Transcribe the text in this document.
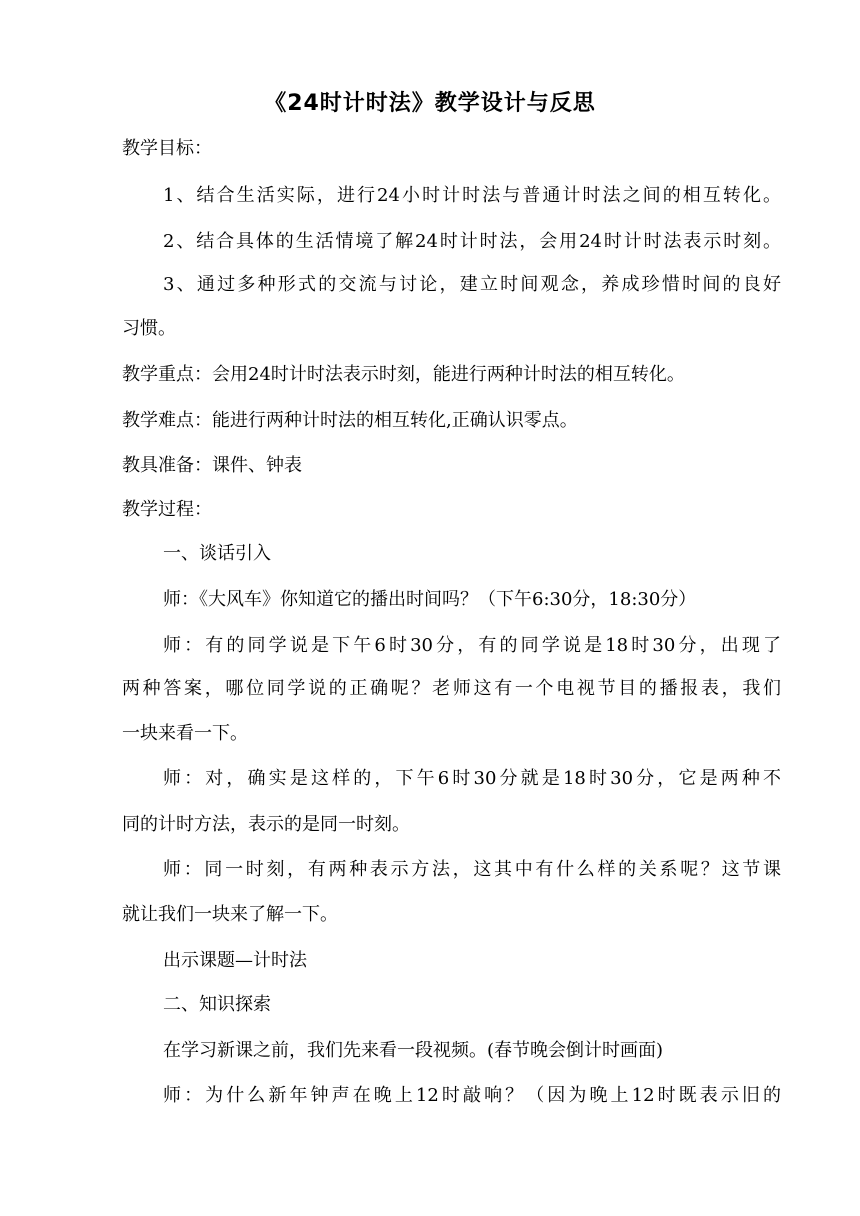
《24时计时法》教学设计与反思
教学目标：
1、结合生活实际，进行24小时计时法与普通计时法之间的相互转化。
2、结合具体的生活情境了解24时计时法，会用24时计时法表示时刻。
3、通过多种形式的交流与讨论，建立时间观念，养成珍惜时间的良好
习惯。
教学重点：会用24时计时法表示时刻，能进行两种计时法的相互转化。
教学难点：能进行两种计时法的相互转化,正确认识零点。
教具准备：课件、钟表
教学过程：
一、谈话引入
师：《大风车》你知道它的播出时间吗？（下午6:30分，18:30分）
师：有的同学说是下午6时30分，有的同学说是18时30分，出现了
两种答案，哪位同学说的正确呢？老师这有一个电视节目的播报表，我们
一块来看一下。
师：对，确实是这样的，下午6时30分就是18时30分，它是两种不
同的计时方法，表示的是同一时刻。
师：同一时刻，有两种表示方法，这其中有什么样的关系呢？这节课
就让我们一块来了解一下。
出示课题—计时法
二、知识探索
在学习新课之前，我们先来看一段视频。(春节晚会倒计时画面)
师：为什么新年钟声在晚上12时敲响？（因为晚上12时既表示旧的
